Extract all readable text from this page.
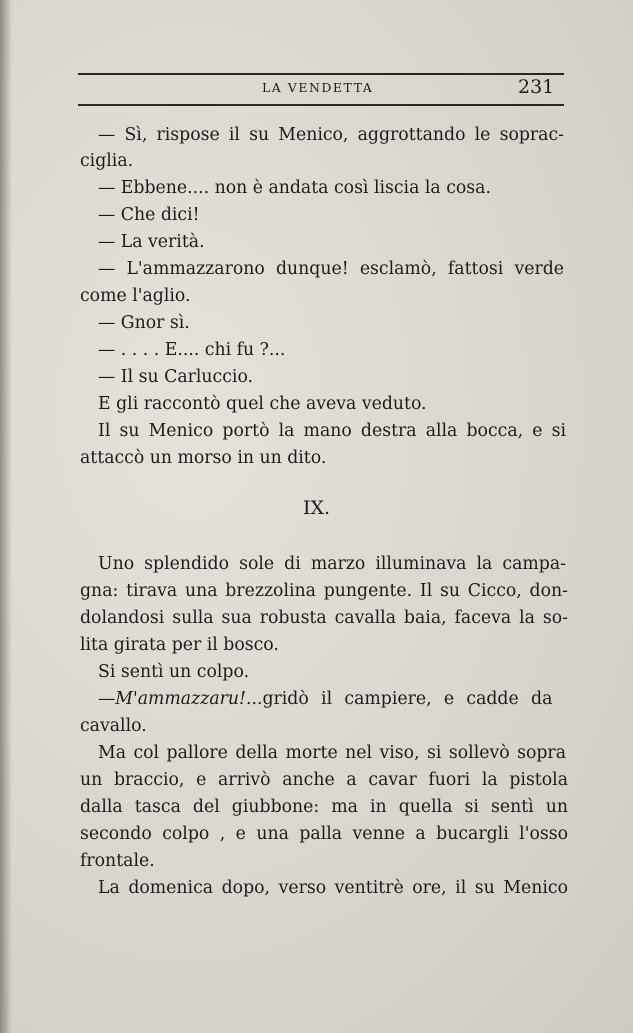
LA VENDETTA	231
— Sì, rispose il su Menico, aggrottando le soprac-
ciglia.
— Ebbene.... non è andata così liscia la cosa.
— Che dici!
— La verità.
— L'ammazzarono dunque! esclamò, fattosi verde
come l'aglio.
— Gnor sì.
— . . . . E.... chi fu ?...
— Il su Carluccio.
E gli raccontò quel che aveva veduto.
Il su Menico portò la mano destra alla bocca, e si
attaccò un morso in un dito.
Uno splendido sole di marzo illuminava la campa-
gna: tirava una brezzolina pungente. Il su Cicco, don-
dolandosi sulla sua robusta cavalla baia, faceva la so-
lita girata per il bosco.
Si sentì un colpo.
—M'ammazzaru!...gridò il campiere, e cadde da
cavallo.
Ma col pallore della morte nel viso, si sollevò sopra
un braccio, e arrivò anche a cavar fuori la pistola
dalla tasca del giubbone: ma in quella si sentì un
secondo colpo , e una palla venne a bucargli l'osso
frontale.
La domenica dopo, verso ventitrè ore, il su Menico
IX.
